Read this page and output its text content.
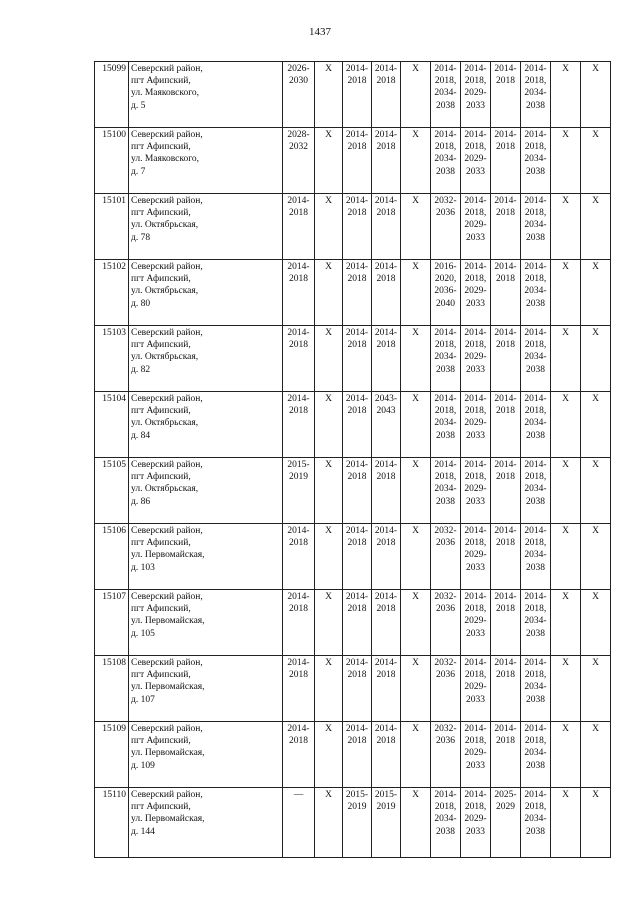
1437
15099	Северский район,
пгт Афипский,
ул. Маяковского,
д. 5	2026-
2030	X	2014-
2018	2014-
2018	X	2014-
2018,
2034-
2038	2014-
2018,
2029-
2033	2014-
2018	2014-
2018,
2034-
2038	X	X

15100	Северский район,
пгт Афипский,
ул. Маяковского,
д. 7	2028-
2032	X	2014-
2018	2014-
2018	X	2014-
2018,
2034-
2038	2014-
2018,
2029-
2033	2014-
2018	2014-
2018,
2034-
2038	X	X

15101	Северский район,
пгт Афипский,
ул. Октябрьская,
д. 78	2014-
2018	X	2014-
2018	2014-
2018	X	2032-
2036	2014-
2018,
2029-
2033	2014-
2018	2014-
2018,
2034-
2038	X	X

15102	Северский район,
пгт Афипский,
ул. Октябрьская,
д. 80	2014-
2018	X	2014-
2018	2014-
2018	X	2016-
2020,
2036-
2040	2014-
2018,
2029-
2033	2014-
2018	2014-
2018,
2034-
2038	X	X

15103	Северский район,
пгт Афипский,
ул. Октябрьская,
д. 82	2014-
2018	X	2014-
2018	2014-
2018	X	2014-
2018,
2034-
2038	2014-
2018,
2029-
2033	2014-
2018	2014-
2018,
2034-
2038	X	X

15104	Северский район,
пгт Афипский,
ул. Октябрьская,
д. 84	2014-
2018	X	2014-
2018	2043-
2043	X	2014-
2018,
2034-
2038	2014-
2018,
2029-
2033	2014-
2018	2014-
2018,
2034-
2038	X	X

15105	Северский район,
пгт Афипский,
ул. Октябрьская,
д. 86	2015-
2019	X	2014-
2018	2014-
2018	X	2014-
2018,
2034-
2038	2014-
2018,
2029-
2033	2014-
2018	2014-
2018,
2034-
2038	X	X

15106	Северский район,
пгт Афипский,
ул. Первомайская,
д. 103	2014-
2018	X	2014-
2018	2014-
2018	X	2032-
2036	2014-
2018,
2029-
2033	2014-
2018	2014-
2018,
2034-
2038	X	X

15107	Северский район,
пгт Афипский,
ул. Первомайская,
д. 105	2014-
2018	X	2014-
2018	2014-
2018	X	2032-
2036	2014-
2018,
2029-
2033	2014-
2018	2014-
2018,
2034-
2038	X	X

15108	Северский район,
пгт Афипский,
ул. Первомайская,
д. 107	2014-
2018	X	2014-
2018	2014-
2018	X	2032-
2036	2014-
2018,
2029-
2033	2014-
2018	2014-
2018,
2034-
2038	X	X

15109	Северский район,
пгт Афипский,
ул. Первомайская,
д. 109	2014-
2018	X	2014-
2018	2014-
2018	X	2032-
2036	2014-
2018,
2029-
2033	2014-
2018	2014-
2018,
2034-
2038	X	X

15110	Северский район,
пгт Афипский,
ул. Первомайская,
д. 144	—	X	2015-
2019	2015-
2019	X	2014-
2018,
2034-
2038	2014-
2018,
2029-
2033	2025-
2029	2014-
2018,
2034-
2038	X	X
